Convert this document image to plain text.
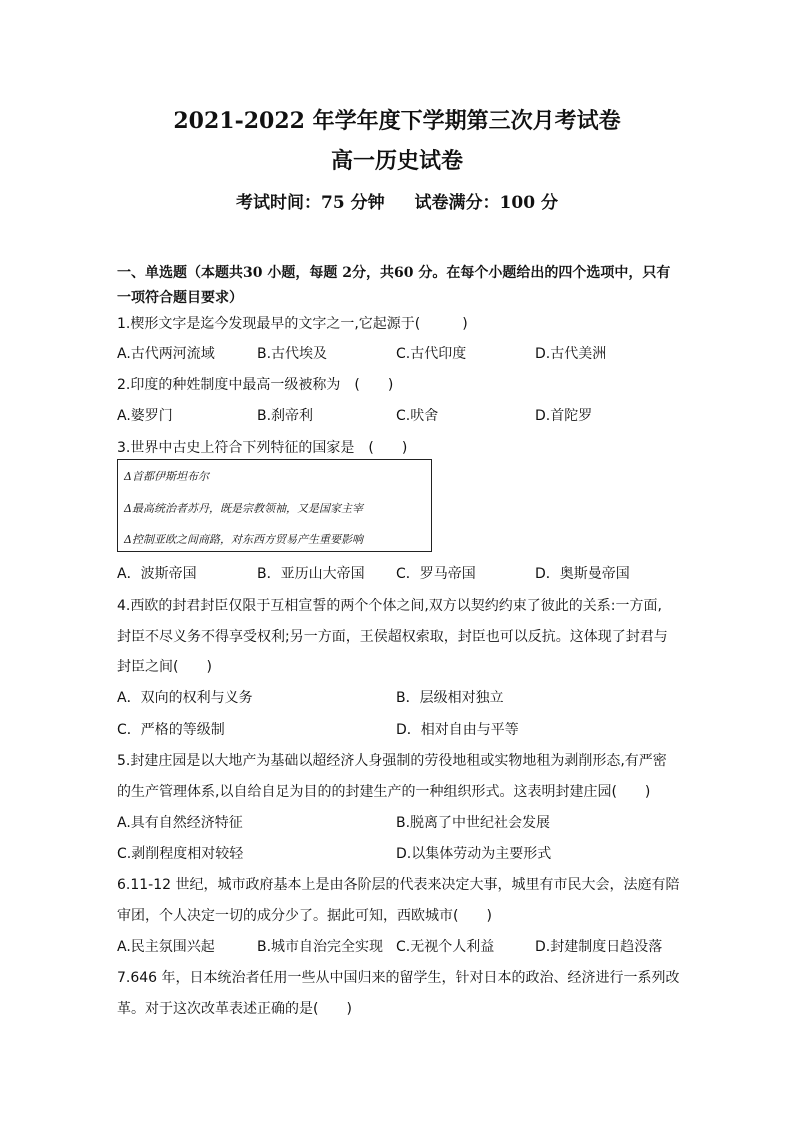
2021-2022 年学年度下学期第三次月考试卷
高一历史试卷
考试时间：75 分钟 试卷满分：100 分
一、单选题（本题共30 小题，每题 2分，共60 分。在每个小题给出的四个选项中，只有
一项符合题目要求）
1.楔形文字是迄今发现最早的文字之一,它起源于(　　　)
A.古代两河流域	B.古代埃及	C.古代印度	D.古代美洲
2.印度的种姓制度中最高一级被称为　(　　)
A.婆罗门	B.刹帝利	C.吠舍	D.首陀罗
3.世界中古史上符合下列特征的国家是　(　　)
Δ首都伊斯坦布尔
Δ最高统治者苏丹，既是宗教领袖，又是国家主宰
Δ控制亚欧之间商路，对东西方贸易产生重要影响
A．波斯帝国	B．亚历山大帝国 C．罗马帝国	D．奥斯曼帝国
4.西欧的封君封臣仅限于互相宣誓的两个个体之间,双方以契约约束了彼此的关系:一方面,
封臣不尽义务不得享受权利;另一方面，王侯超权索取，封臣也可以反抗。这体现了封君与
封臣之间(　　)
A．双向的权利与义务	B．层级相对独立
C．严格的等级制	D．相对自由与平等
5.封建庄园是以大地产为基础以超经济人身强制的劳役地租或实物地租为剥削形态,有严密
的生产管理体系,以自给自足为目的的封建生产的一种组织形式。这表明封建庄园(　　)
A.具有自然经济特征	B.脱离了中世纪社会发展
C.剥削程度相对较轻	D.以集体劳动为主要形式
6.11-12 世纪，城市政府基本上是由各阶层的代表来决定大事，城里有市民大会，法庭有陪
审团，个人决定一切的成分少了。据此可知，西欧城市(　　)
A.民主氛围兴起	B.城市自治完全实现 C.无视个人利益	D.封建制度日趋没落
7.646 年，日本统治者任用一些从中国归来的留学生，针对日本的政治、经济进行一系列改
革。对于这次改革表述正确的是(　　)
